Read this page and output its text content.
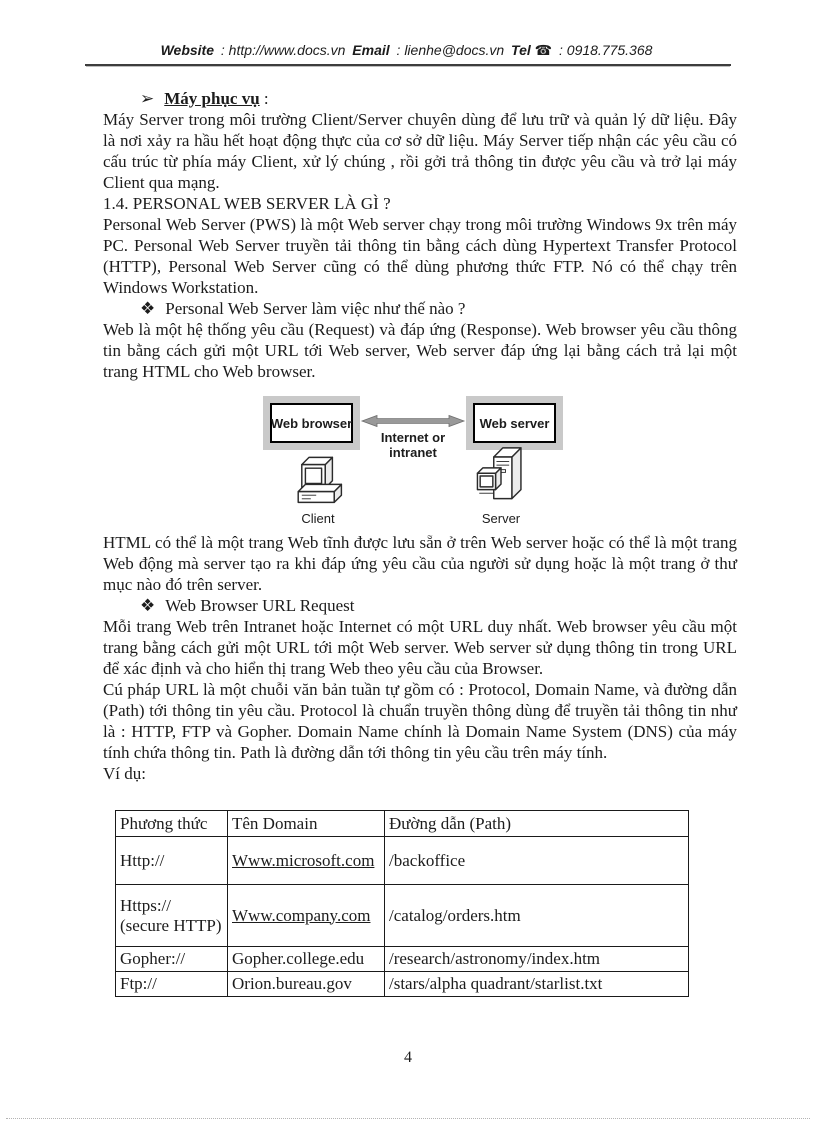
Website : http://www.docs.vn Email : lienhe@docs.vn Tel ☎ : 0918.775.368

➢ Máy phục vụ :

Máy Server trong môi trường Client/Server chuyên dùng để lưu trữ và quản lý dữ liệu. Đây là nơi xảy ra hầu hết hoạt động thực của cơ sở dữ liệu. Máy Server tiếp nhận các yêu cầu có cấu trúc từ phía máy Client, xử lý chúng , rồi gởi trả thông tin được yêu cầu và trở lại máy Client qua mạng.

1.4. PERSONAL WEB SERVER LÀ GÌ ?

Personal Web Server (PWS) là một Web server chạy trong môi trường Windows 9x trên máy PC. Personal Web Server truyền tải thông tin bằng cách dùng Hypertext Transfer Protocol (HTTP), Personal Web Server cũng có thể dùng phương thức FTP. Nó có thể chạy trên Windows Workstation.

❖ Personal Web Server làm việc như thế nào ?

Web là một hệ thống yêu cầu (Request) và đáp ứng (Response). Web browser yêu cầu thông tin bằng cách gửi một URL tới Web server, Web server đáp ứng lại bằng cách trả lại một trang HTML cho Web browser.

Web browser	Web server
Internet or
intranet
Client	Server

HTML có thể là một trang Web tĩnh được lưu sẵn ở trên Web server hoặc có thể là một trang Web động mà server tạo ra khi đáp ứng yêu cầu của người sử dụng hoặc là một trang ở thư mục nào đó trên server.

❖ Web Browser URL Request

Mỗi trang Web trên Intranet hoặc Internet có một URL duy nhất. Web browser yêu cầu một trang bằng cách gửi một URL tới một Web server. Web server sử dụng thông tin trong URL để xác định và cho hiển thị trang Web theo yêu cầu của Browser.

Cú pháp URL là một chuỗi văn bản tuần tự gồm có : Protocol, Domain Name, và đường dẫn (Path) tới thông tin yêu cầu. Protocol là chuẩn truyền thông dùng để truyền tải thông tin như là : HTTP, FTP và Gopher. Domain Name chính là Domain Name System (DNS) của máy tính chứa thông tin. Path là đường dẫn tới thông tin yêu cầu trên máy tính.

Ví dụ:

Phương thức	Tên Domain	Đường dẫn (Path)
Http://	Www.microsoft.com	/backoffice
Https:// (secure HTTP)	Www.company.com	/catalog/orders.htm
Gopher://	Gopher.college.edu	/research/astronomy/index.htm
Ftp://	Orion.bureau.gov	/stars/alpha quadrant/starlist.txt
4
